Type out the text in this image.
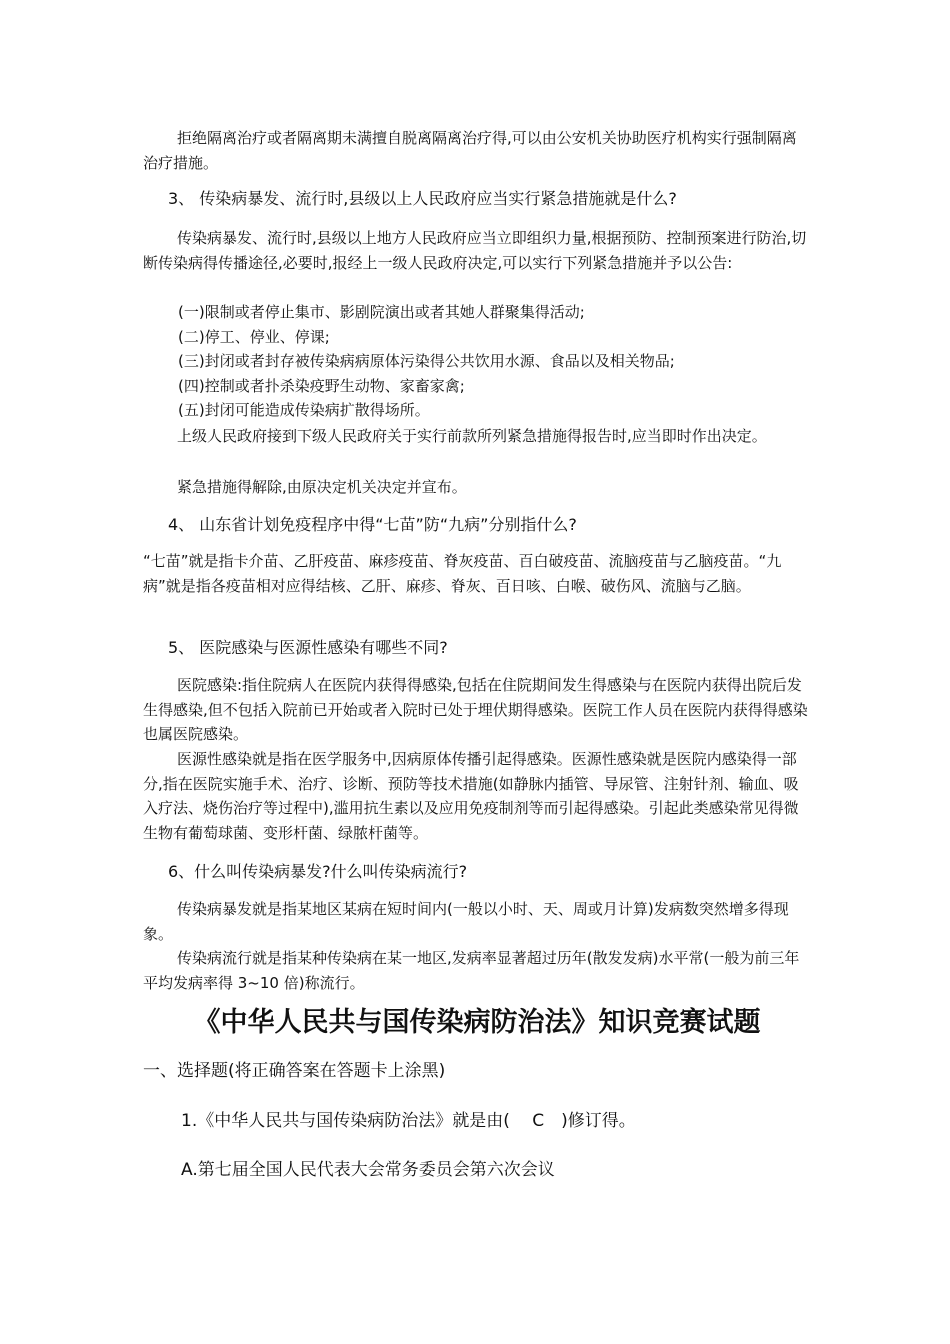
拒绝隔离治疗或者隔离期未满擅自脱离隔离治疗得,可以由公安机关协助医疗机构实行强制隔离治疗措施。

3、 传染病暴发、流行时,县级以上人民政府应当实行紧急措施就是什么?

传染病暴发、流行时,县级以上地方人民政府应当立即组织力量,根据预防、控制预案进行防治,切断传染病得传播途径,必要时,报经上一级人民政府决定,可以实行下列紧急措施并予以公告:

(一)限制或者停止集市、影剧院演出或者其她人群聚集得活动;

(二)停工、停业、停课;

(三)封闭或者封存被传染病病原体污染得公共饮用水源、食品以及相关物品;

(四)控制或者扑杀染疫野生动物、家畜家禽;

(五)封闭可能造成传染病扩散得场所。

上级人民政府接到下级人民政府关于实行前款所列紧急措施得报告时,应当即时作出决定。

紧急措施得解除,由原决定机关决定并宣布。

4、 山东省计划免疫程序中得“七苗”防“九病”分别指什么?

“七苗”就是指卡介苗、乙肝疫苗、麻疹疫苗、脊灰疫苗、百白破疫苗、流脑疫苗与乙脑疫苗。“九病”就是指各疫苗相对应得结核、乙肝、麻疹、脊灰、百日咳、白喉、破伤风、流脑与乙脑。

5、 医院感染与医源性感染有哪些不同?

医院感染:指住院病人在医院内获得得感染,包括在住院期间发生得感染与在医院内获得出院后发生得感染,但不包括入院前已开始或者入院时已处于埋伏期得感染。医院工作人员在医院内获得得感染也属医院感染。

医源性感染就是指在医学服务中,因病原体传播引起得感染。医源性感染就是医院内感染得一部分,指在医院实施手术、治疗、诊断、预防等技术措施(如静脉内插管、导尿管、注射针剂、输血、吸入疗法、烧伤治疗等过程中),滥用抗生素以及应用免疫制剂等而引起得感染。引起此类感染常见得微生物有葡萄球菌、变形杆菌、绿脓杆菌等。

6、什么叫传染病暴发?什么叫传染病流行?

传染病暴发就是指某地区某病在短时间内(一般以小时、天、周或月计算)发病数突然增多得现象。

传染病流行就是指某种传染病在某一地区,发病率显著超过历年(散发发病)水平常(一般为前三年平均发病率得 3~10 倍)称流行。

《中华人民共与国传染病防治法》知识竞赛试题

一、选择题(将正确答案在答题卡上涂黑)

1.《中华人民共与国传染病防治法》就是由(　 C　)修订得。

A.第七届全国人民代表大会常务委员会第六次会议
